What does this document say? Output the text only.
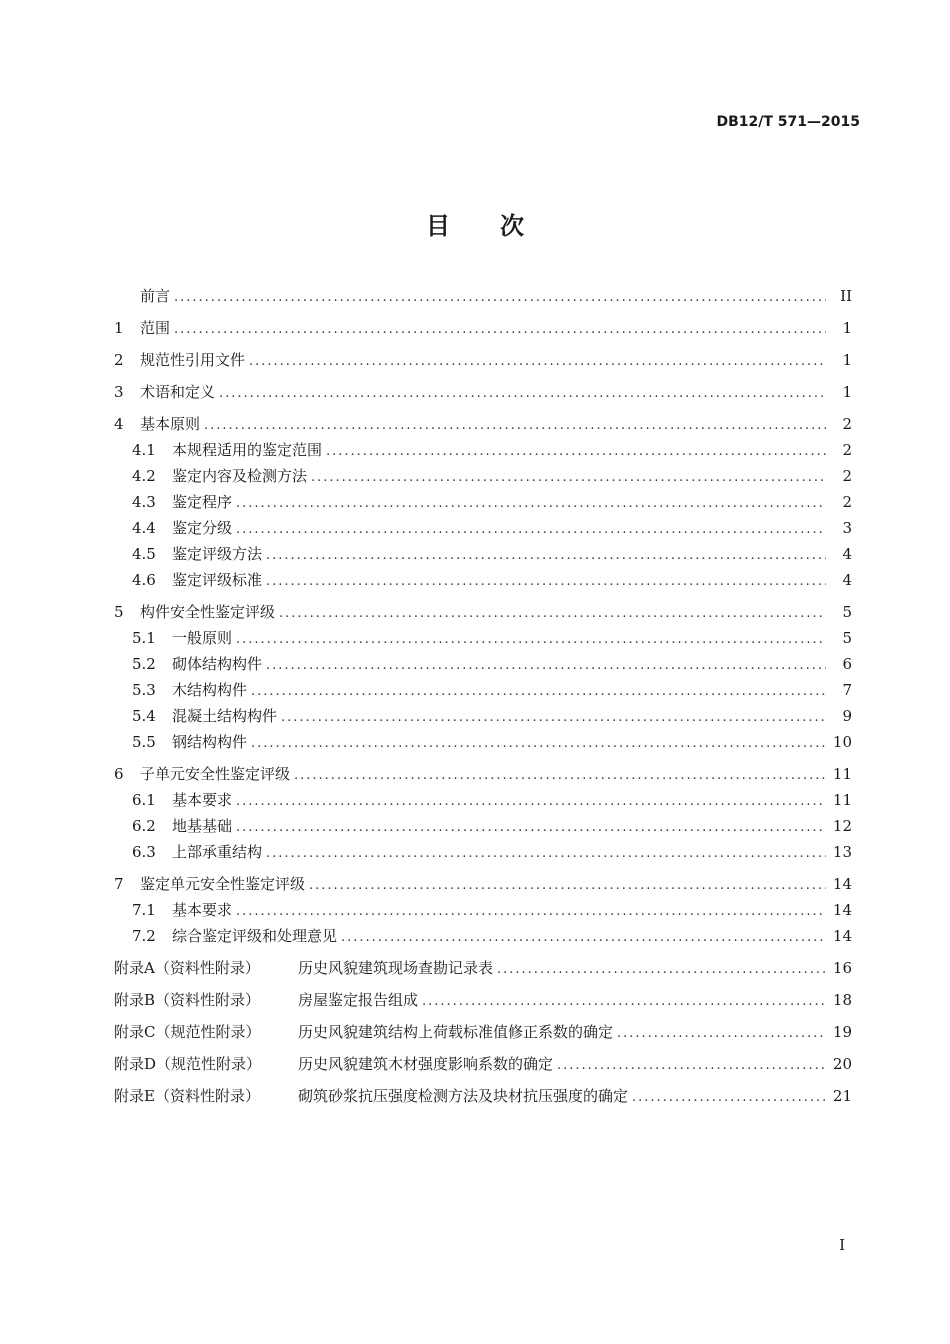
DB12/T 571—2015
目次
前言 .....	II
1	范围 .....	1
2	规范性引用文件 .....	1
3	术语和定义 .....	1
4	基本原则 .....	2
4.1	本规程适用的鉴定范围 .....	2
4.2	鉴定内容及检测方法 .....	2
4.3	鉴定程序 .....	2
4.4	鉴定分级 .....	3
4.5	鉴定评级方法 .....	4
4.6	鉴定评级标准 .....	4
5	构件安全性鉴定评级 .....	5
5.1	一般原则 .....	5
5.2	砌体结构构件 .....	6
5.3	木结构构件 .....	7
5.4	混凝土结构构件 .....	9
5.5	钢结构构件 .....	10
6	子单元安全性鉴定评级 .....	11
6.1	基本要求 .....	11
6.2	地基基础 .....	12
6.3	上部承重结构 .....	13
7	鉴定单元安全性鉴定评级 .....	14
7.1	基本要求 .....	14
7.2	综合鉴定评级和处理意见 .....	14
附录A（资料性附录）	历史风貌建筑现场查勘记录表 .....	16
附录B（资料性附录）	房屋鉴定报告组成 .....	18
附录C（规范性附录）	历史风貌建筑结构上荷载标准值修正系数的确定 .....	19
附录D（规范性附录）	历史风貌建筑木材强度影响系数的确定 .....	20
附录E（资料性附录）	砌筑砂浆抗压强度检测方法及块材抗压强度的确定 .....	21
I
